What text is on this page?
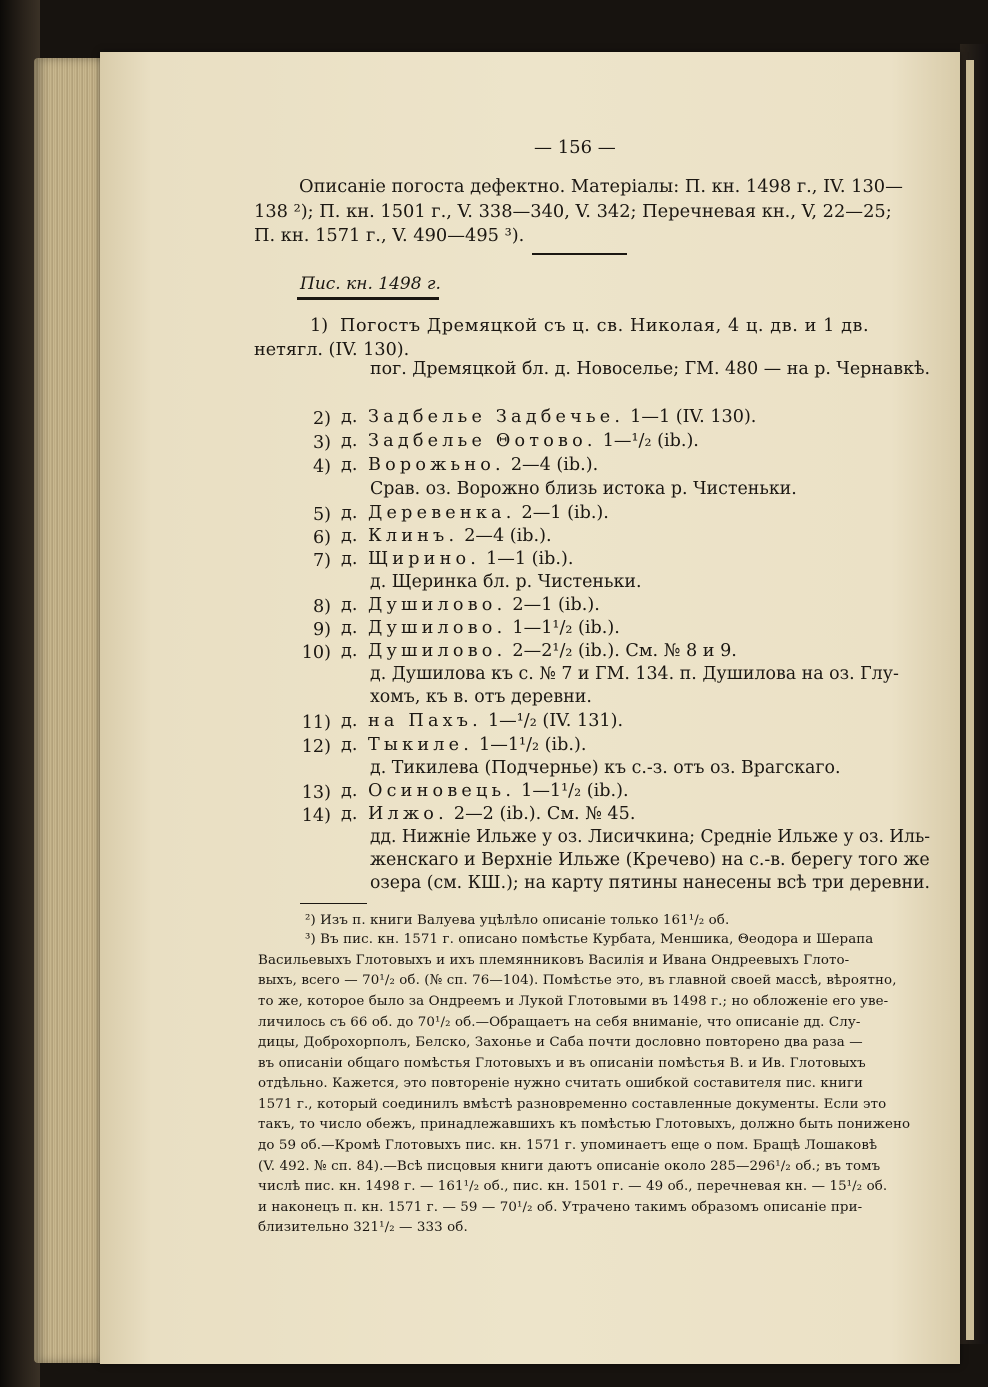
— 156 —
Описаніе погоста дефектно. Матеріалы: П. кн. 1498 г., IV. 130—
138 ²); П. кн. 1501 г., V. 338—340, V. 342; Перечневая кн., V, 22—25;
П. кн. 1571 г., V. 490—495 ³).
Пис. кн. 1498 г.
1) Погостъ Дремяцкой съ ц. св. Николая, 4 ц. дв. и 1 дв.
нетягл. (IV. 130).
пог. Дремяцкой бл. д. Новоселье; ГМ. 480 — на р. Чернавкѣ.
2) д. Задбелье Задбечье. 1—1 (IV. 130).
3) д. Задбелье Θотово. 1—¹/₂ (ib.).
4) д. Ворожьно. 2—4 (ib.).
Срав. оз. Ворожно близь истока р. Чистеньки.
5) д. Деревенка. 2—1 (ib.).
6) д. Клинъ. 2—4 (ib.).
7) д. Щирино. 1—1 (ib.).
д. Щеринка бл. р. Чистеньки.
8) д. Душилово. 2—1 (ib.).
9) д. Душилово. 1—1¹/₂ (ib.).
10) д. Душилово. 2—2¹/₂ (ib.). См. № 8 и 9.
д. Душилова къ с. № 7 и ГМ. 134. п. Душилова на оз. Глу-
хомъ, къ в. отъ деревни.
11) д. на Пахъ. 1—¹/₂ (IV. 131).
12) д. Тыкиле. 1—1¹/₂ (ib.).
д. Тикилева (Подчернье) къ с.-з. отъ оз. Врагскаго.
13) д. Осиновець. 1—1¹/₂ (ib.).
14) д. Илжо. 2—2 (ib.). См. № 45.
дд. Нижніе Ильже у оз. Лисичкина; Средніе Ильже у оз. Иль-
женскаго и Верхніе Ильже (Кречево) на с.-в. берегу того же
озера (см. КШ.); на карту пятины нанесены всѣ три деревни.
²) Изъ п. книги Валуева уцѣлѣло описаніе только 161¹/₂ об.
³) Въ пис. кн. 1571 г. описано помѣстье Курбата, Меншика, Θеодора и Шерапа
Васильевыхъ Глотовыхъ и ихъ племянниковъ Василія и Ивана Ондреевыхъ Глото-
выхъ, всего — 70¹/₂ об. (№ сп. 76—104). Помѣстье это, въ главной своей массѣ, вѣроятно,
то же, которое было за Ондреемъ и Лукой Глотовыми въ 1498 г.; но обложеніе его уве-
личилось съ 66 об. до 70¹/₂ об.—Обращаетъ на себя вниманіе, что описаніе дд. Слу-
дицы, Доброхорполъ, Белско, Захонье и Саба почти дословно повторено два раза —
въ описаніи общаго помѣстья Глотовыхъ и въ описаніи помѣстья В. и Ив. Глотовыхъ
отдѣльно. Кажется, это повтореніе нужно считать ошибкой составителя пис. книги
1571 г., который соединилъ вмѣстѣ разновременно составленные документы. Если это
такъ, то число обежъ, принадлежавшихъ къ помѣстью Глотовыхъ, должно быть понижено
до 59 об.—Кромѣ Глотовыхъ пис. кн. 1571 г. упоминаетъ еще о пом. Бращѣ Лошаковѣ
(V. 492. № сп. 84).—Всѣ писцовыя книги даютъ описаніе около 285—296¹/₂ об.; въ томъ
числѣ пис. кн. 1498 г. — 161¹/₂ об., пис. кн. 1501 г. — 49 об., перечневая кн. — 15¹/₂ об.
и наконецъ п. кн. 1571 г. — 59 — 70¹/₂ об. Утрачено такимъ образомъ описаніе при-
близительно 321¹/₂ — 333 об.
